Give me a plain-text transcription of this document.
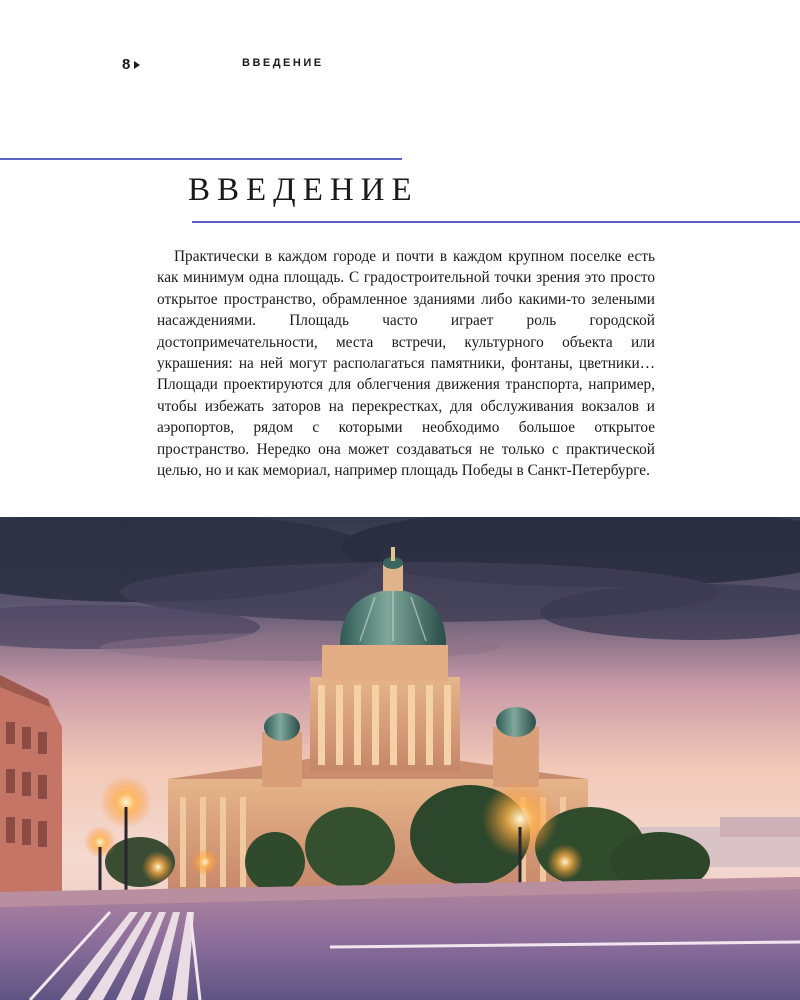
8	ВВЕДЕНИЕ
ВВЕДЕНИЕ

Практически в каждом городе и почти в каждом крупном поселке есть как минимум одна площадь. С градостроительной точки зрения это просто открытое пространство, обрамленное зданиями либо какими-то зелеными насаждениями. Площадь часто играет роль городской достопримечательности, места встречи, культурного объекта или украшения: на ней могут располагаться памятники, фонтаны, цветники… Площади проектируются для облегчения движения транспорта, например, чтобы избежать заторов на перекрестках, для обслуживания вокзалов и аэропортов, рядом с которыми необходимо большое открытое пространство. Нередко она может создаваться не только с практической целью, но и как мемориал, например площадь Победы в Санкт-Петербурге.
